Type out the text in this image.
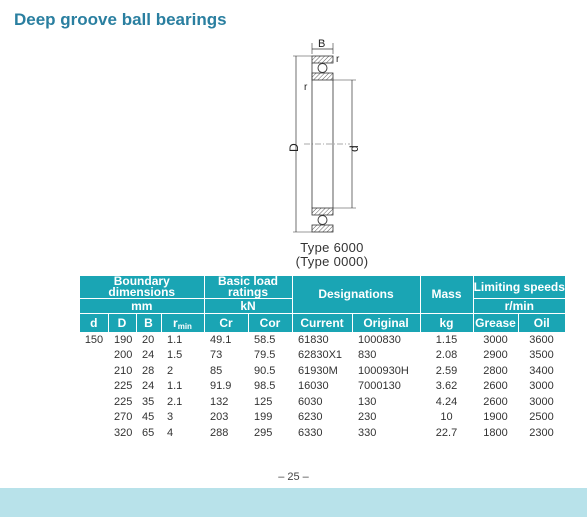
Deep groove ball bearings
B
r
r
D	d
Type 6000
(Type 0000)
Boundary dimensions				Basic load ratings		Designations		Mass	Limiting speeds	
mm				kN					r/min	
d	D	B	$r_{min}$	Cr	Cor	Current	Original	kg	Grease	Oil
150	190	20	1.1	49.1	58.5	61830	1000830	1.15	3000	3600
	200	24	1.5	73	79.5	62830X1	830	2.08	2900	3500
	210	28	2	85	90.5	61930M	1000930H	2.59	2800	3400
	225	24	1.1	91.9	98.5	16030	7000130	3.62	2600	3000
	225	35	2.1	132	125	6030	130	4.24	2600	3000
	270	45	3	203	199	6230	230	10	1900	2500
	320	65	4	288	295	6330	330	22.7	1800	2300
– 25 –
